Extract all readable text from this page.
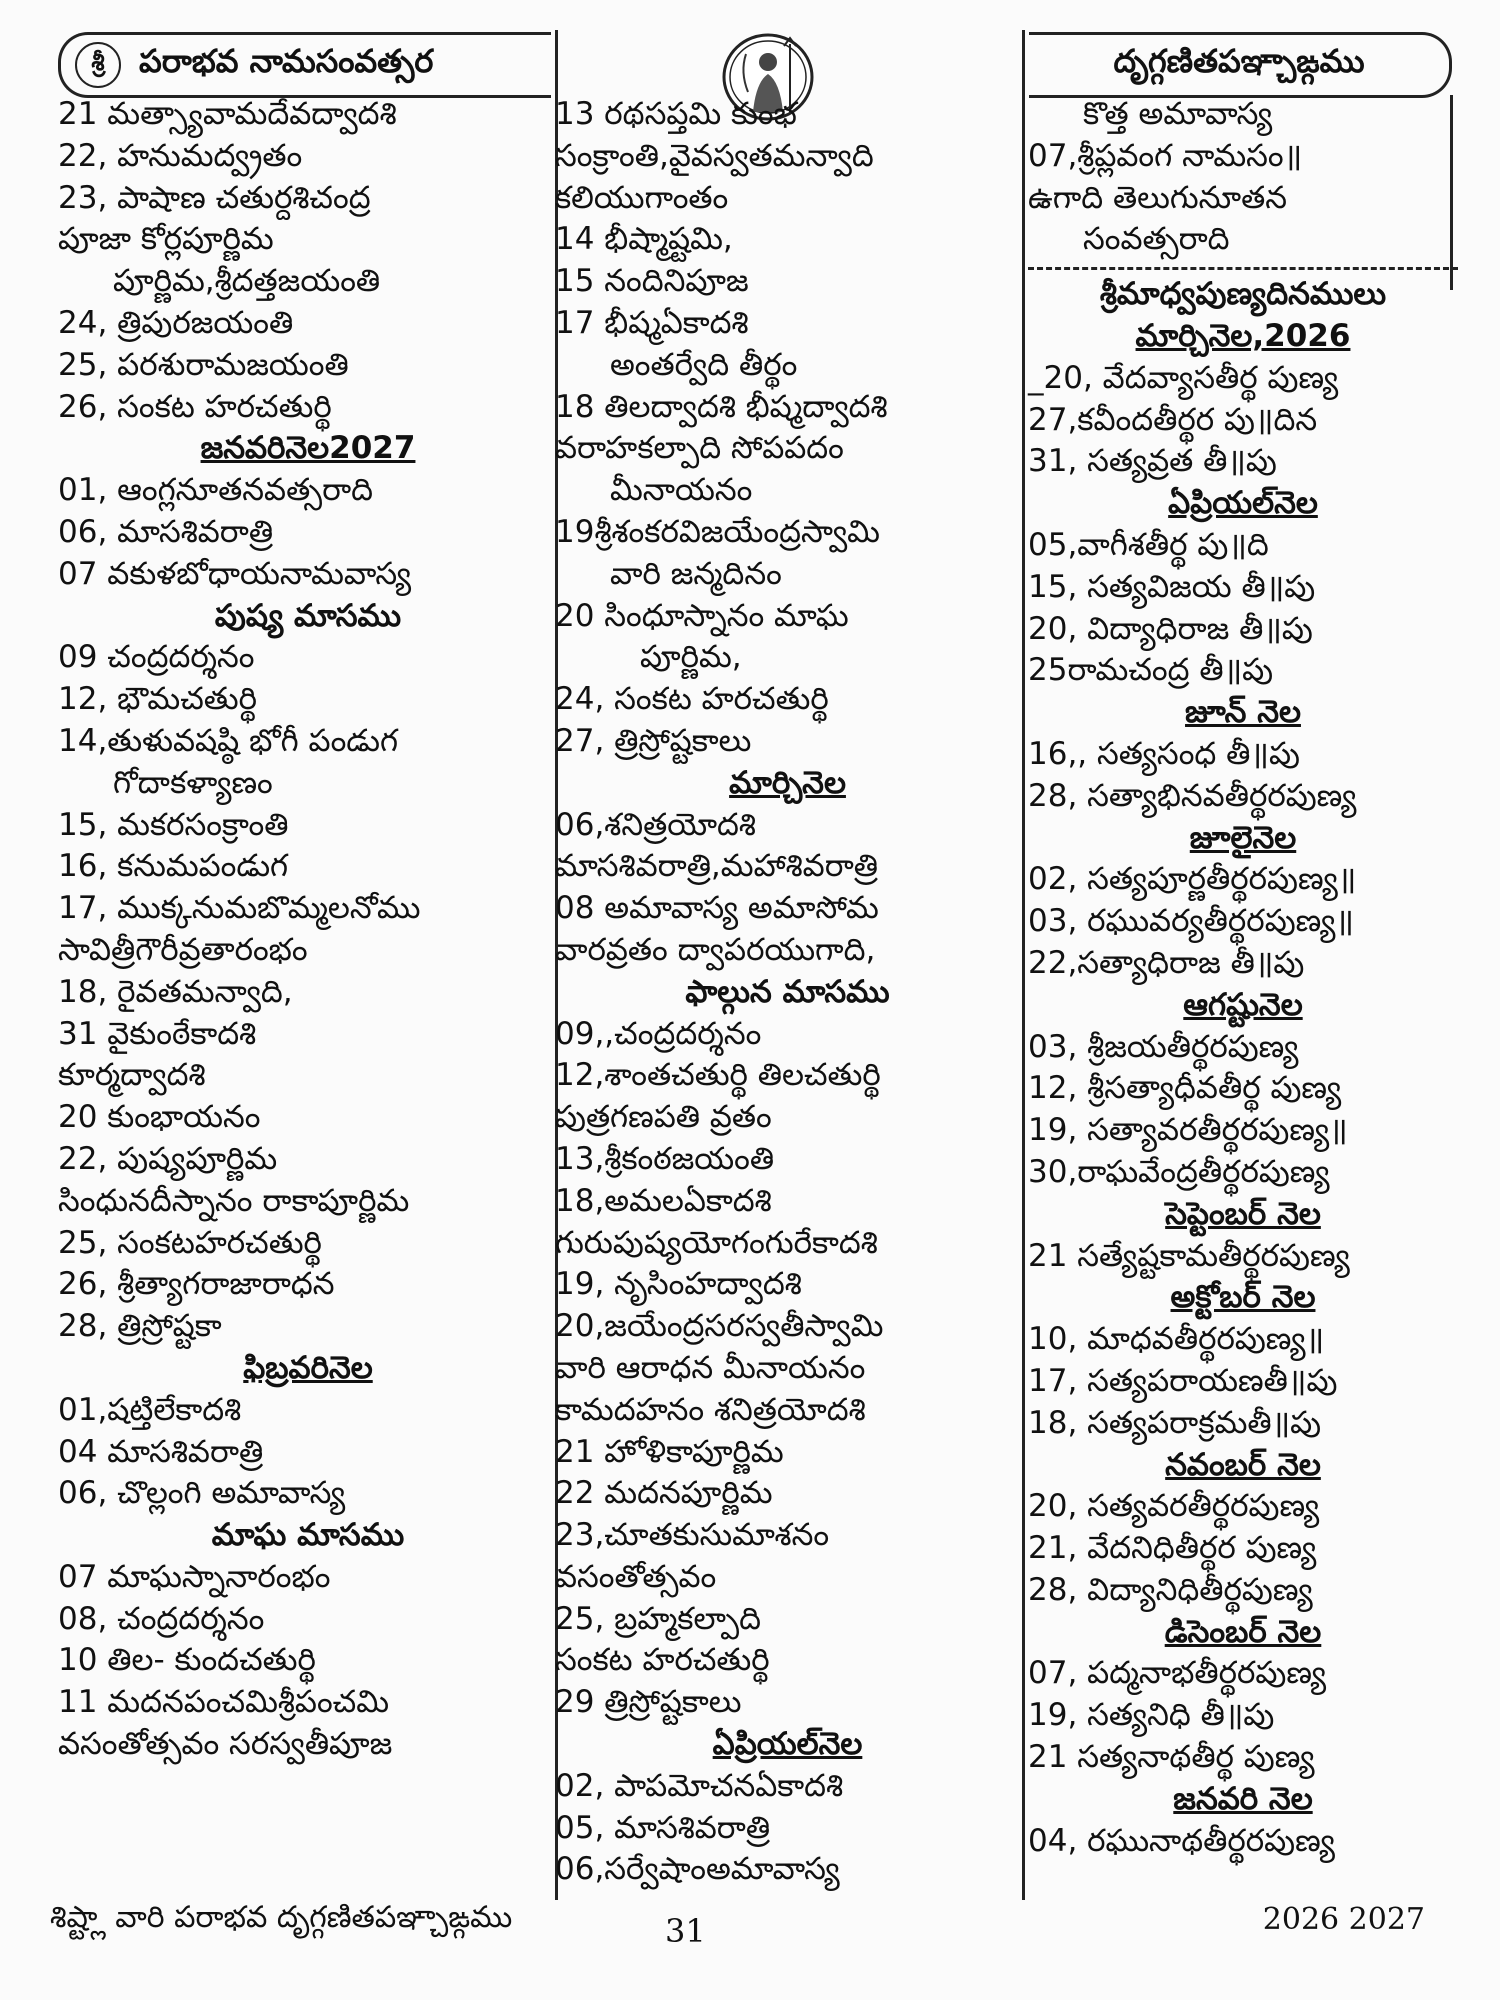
శ్రీ	పరాభవ నామసంవత్సర	దృగ్గణితపఞ్చాఙ్గము
21 మత్స్యావామదేవద్వాదశి
22, హనుమద్వ్రతం
23, పాషాణ చతుర్దశిచంద్ర
పూజా కోర్లపూర్ణిమ
పూర్ణిమ,శ్రీదత్తజయంతి
24, త్రిపురజయంతి
25, పరశురామజయంతి
26, సంకట హరచతుర్థి
జనవరినెల2027
01, ఆంగ్లనూతనవత్సరాది
06, మాసశివరాత్రి
07 వకుళబోధాయనామవాస్య
పుష్య మాసము
09 చంద్రదర్శనం
12, భౌమచతుర్థి
14,తుళువషష్ఠి భోగీ పండుగ
గోదాకళ్యాణం
15, మకరసంక్రాంతి
16, కనుమపండుగ
17, ముక్కనుమబొమ్మలనోము
సావిత్రీగౌరీవ్రతారంభం
18, రైవతమన్వాది,
31 వైకుంఠేకాదశి
కూర్మద్వాదశి
20 కుంభాయనం
22, పుష్యపూర్ణిమ
సింధునదీస్నానం రాకాపూర్ణిమ
25, సంకటహరచతుర్థి
26, శ్రీత్యాగరాజారాధన
28, త్రిస్రోష్టకా
ఫిబ్రవరినెల
01,షట్తిలేకాదశి
04 మాసశివరాత్రి
06, చొల్లంగి అమావాస్య
మాఘ మాసము
07 మాఘస్నానారంభం
08, చంద్రదర్శనం
10 తిల- కుందచతుర్థి
11 మదనపంచమిశ్రీపంచమి
వసంతోత్సవం సరస్వతీపూజ
13 రథసప్తమి కుంభ
సంక్రాంతి,వైవస్వతమన్వాది
కలియుగాంతం
14 భీష్మాష్టమి,
15 నందినిపూజ
17 భీష్మఏకాదశి
అంతర్వేది తీర్థం
18 తిలద్వాదశి భీష్మద్వాదశి
వరాహకల్పాది సోపపదం
మీనాయనం
19శ్రీశంకరవిజయేంద్రస్వామి
వారి జన్మదినం
20 సింధూస్నానం మాఘ
పూర్ణిమ,
24, సంకట హరచతుర్థి
27, త్రిస్రోష్టకాలు
మార్చినెల
06,శనిత్రయోదశి
మాసశివరాత్రి,మహాశివరాత్రి
08 అమావాస్య అమాసోమ
వారవ్రతం ద్వాపరయుగాది,
ఫాల్గున మాసము
09,,చంద్రదర్శనం
12,శాంతచతుర్థి తిలచతుర్థి
పుత్రగణపతి వ్రతం
13,శ్రీకంఠజయంతి
18,అమలఏకాదశి
గురుపుష్యయోగంగురేకాదశి
19, నృసింహద్వాదశి
20,జయేంద్రసరస్వతీస్వామి
వారి ఆరాధన మీనాయనం
కామదహనం శనిత్రయోదశి
21 హోళికాపూర్ణిమ
22 మదనపూర్ణిమ
23,చూతకుసుమాశనం
వసంతోత్సవం
25, బ్రహ్మకల్పాది
సంకట హరచతుర్థి
29 త్రిస్రోష్టకాలు
ఏప్రియల్‌నెల
02, పాపమోచనఏకాదశి
05, మాసశివరాత్రి
06,సర్వేషాంఅమావాస్య
కొత్త అమావాస్య
07,శ్రీప్లవంగ నామసం॥
ఉగాది తెలుగునూతన
సంవత్సరాది
శ్రీమాధ్వపుణ్యదినములు
మార్చినెల,2026
_20, వేదవ్యాసతీర్థ పుణ్య
27,కవీందతీర్థర పు॥దిన
31, సత్యవ్రత తీ॥పు
ఏప్రియల్‌నెల
05,వాగీశతీర్థ పు॥ది
15, సత్యవిజయ తీ॥పు
20, విద్యాధిరాజ తీ॥పు
25రామచంద్ర తీ॥పు
జూన్ నెల
16,, సత్యసంధ తీ॥పు
28, సత్యాభినవతీర్థరపుణ్య
జూలైనెల
02, సత్యపూర్ణతీర్థరపుణ్య॥
03, రఘువర్యతీర్థరపుణ్య॥
22,సత్యాధిరాజ తీ॥పు
ఆగష్టునెల
03, శ్రీజయతీర్థరపుణ్య
12, శ్రీసత్యాధీవతీర్థ పుణ్య
19, సత్యావరతీర్థరపుణ్య॥
30,రాఘవేంద్రతీర్థరపుణ్య
సెప్టెంబర్ నెల
21 సత్యేష్టకామతీర్థరపుణ్య
అక్టోబర్ నెల
10, మాధవతీర్థరపుణ్య॥
17, సత్యపరాయణతీ॥పు
18, సత్యపరాక్రమతీ॥పు
నవంబర్ నెల
20, సత్యవరతీర్థరపుణ్య
21, వేదనిధితీర్థర పుణ్య
28, విద్యానిధితీర్థపుణ్య
డిసెంబర్ నెల
07, పద్మనాభతీర్థరపుణ్య
19, సత్యనిధి తీ॥పు
21 సత్యనాథతీర్థ పుణ్య
జనవరి నెల
04, రఘునాథతీర్థరపుణ్య
శిష్ట్లా వారి పరాభవ దృగ్గణితపఞ్చాఙ్గము	31	2026 2027
